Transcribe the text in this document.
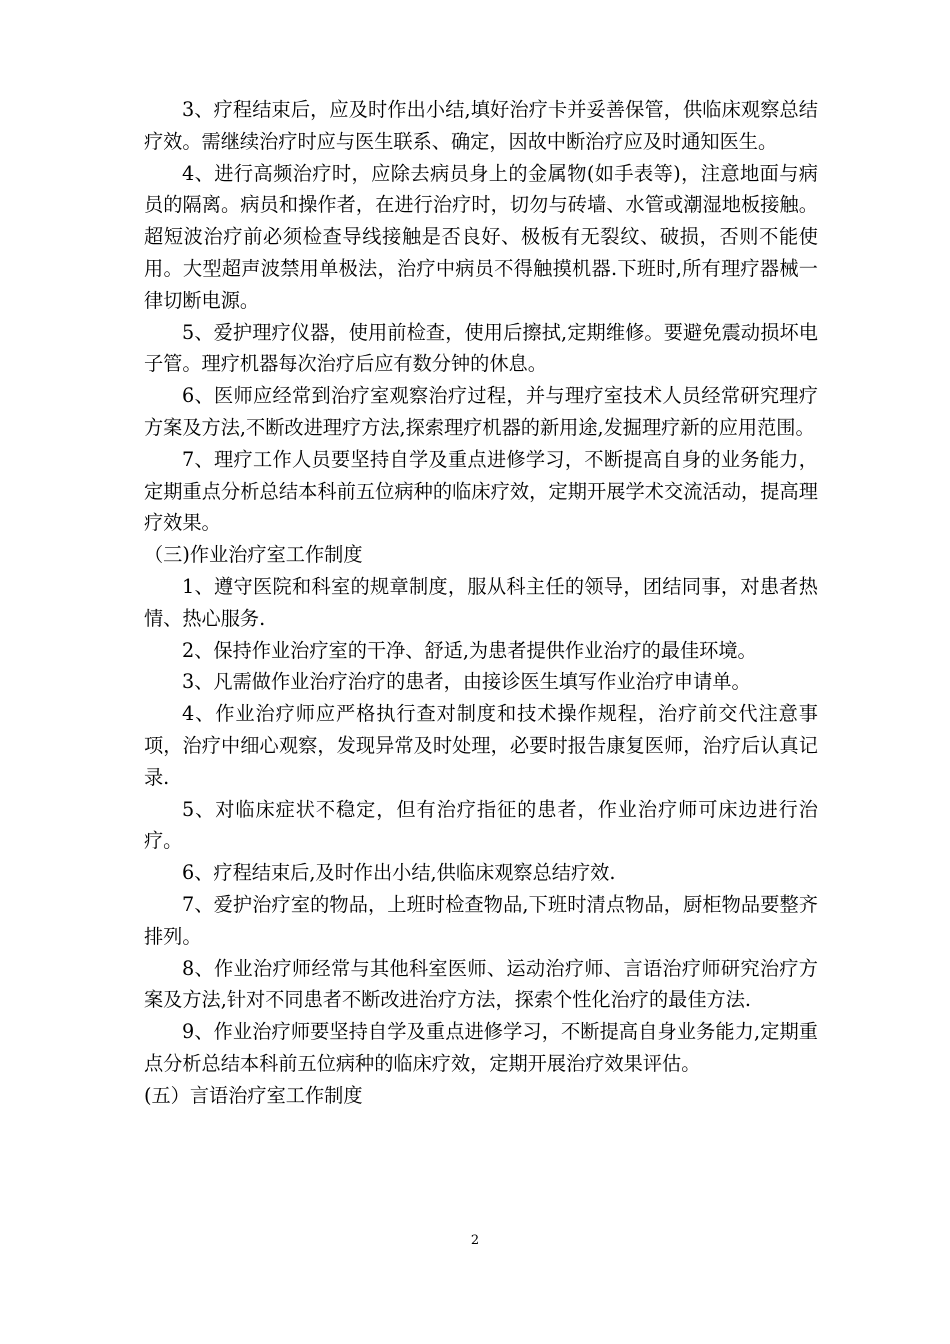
3、疗程结束后，应及时作出小结,填好治疗卡并妥善保管，供临床观察总结疗效。需继续治疗时应与医生联系、确定，因故中断治疗应及时通知医生。

4、进行高频治疗时，应除去病员身上的金属物(如手表等)，注意地面与病员的隔离。病员和操作者，在进行治疗时，切勿与砖墙、水管或潮湿地板接触。超短波治疗前必须检查导线接触是否良好、极板有无裂纹、破损，否则不能使用。大型超声波禁用单极法，治疗中病员不得触摸机器.下班时,所有理疗器械一律切断电源。

5、爱护理疗仪器，使用前检查，使用后擦拭,定期维修。要避免震动损坏电子管。理疗机器每次治疗后应有数分钟的休息。

6、医师应经常到治疗室观察治疗过程，并与理疗室技术人员经常研究理疗方案及方法,不断改进理疗方法,探索理疗机器的新用途,发掘理疗新的应用范围。

7、理疗工作人员要坚持自学及重点进修学习，不断提高自身的业务能力，定期重点分析总结本科前五位病种的临床疗效，定期开展学术交流活动，提高理疗效果。

（三)作业治疗室工作制度

1、遵守医院和科室的规章制度，服从科主任的领导，团结同事，对患者热情、热心服务.

2、保持作业治疗室的干净、舒适,为患者提供作业治疗的最佳环境。

3、凡需做作业治疗治疗的患者，由接诊医生填写作业治疗申请单。

4、作业治疗师应严格执行查对制度和技术操作规程，治疗前交代注意事项，治疗中细心观察，发现异常及时处理，必要时报告康复医师，治疗后认真记录.

5、对临床症状不稳定，但有治疗指征的患者，作业治疗师可床边进行治疗。

6、疗程结束后,及时作出小结,供临床观察总结疗效.

7、爱护治疗室的物品，上班时检查物品,下班时清点物品，厨柜物品要整齐排列。

8、作业治疗师经常与其他科室医师、运动治疗师、言语治疗师研究治疗方案及方法,针对不同患者不断改进治疗方法，探索个性化治疗的最佳方法.

9、作业治疗师要坚持自学及重点进修学习，不断提高自身业务能力,定期重点分析总结本科前五位病种的临床疗效，定期开展治疗效果评估。

(五）言语治疗室工作制度

2
